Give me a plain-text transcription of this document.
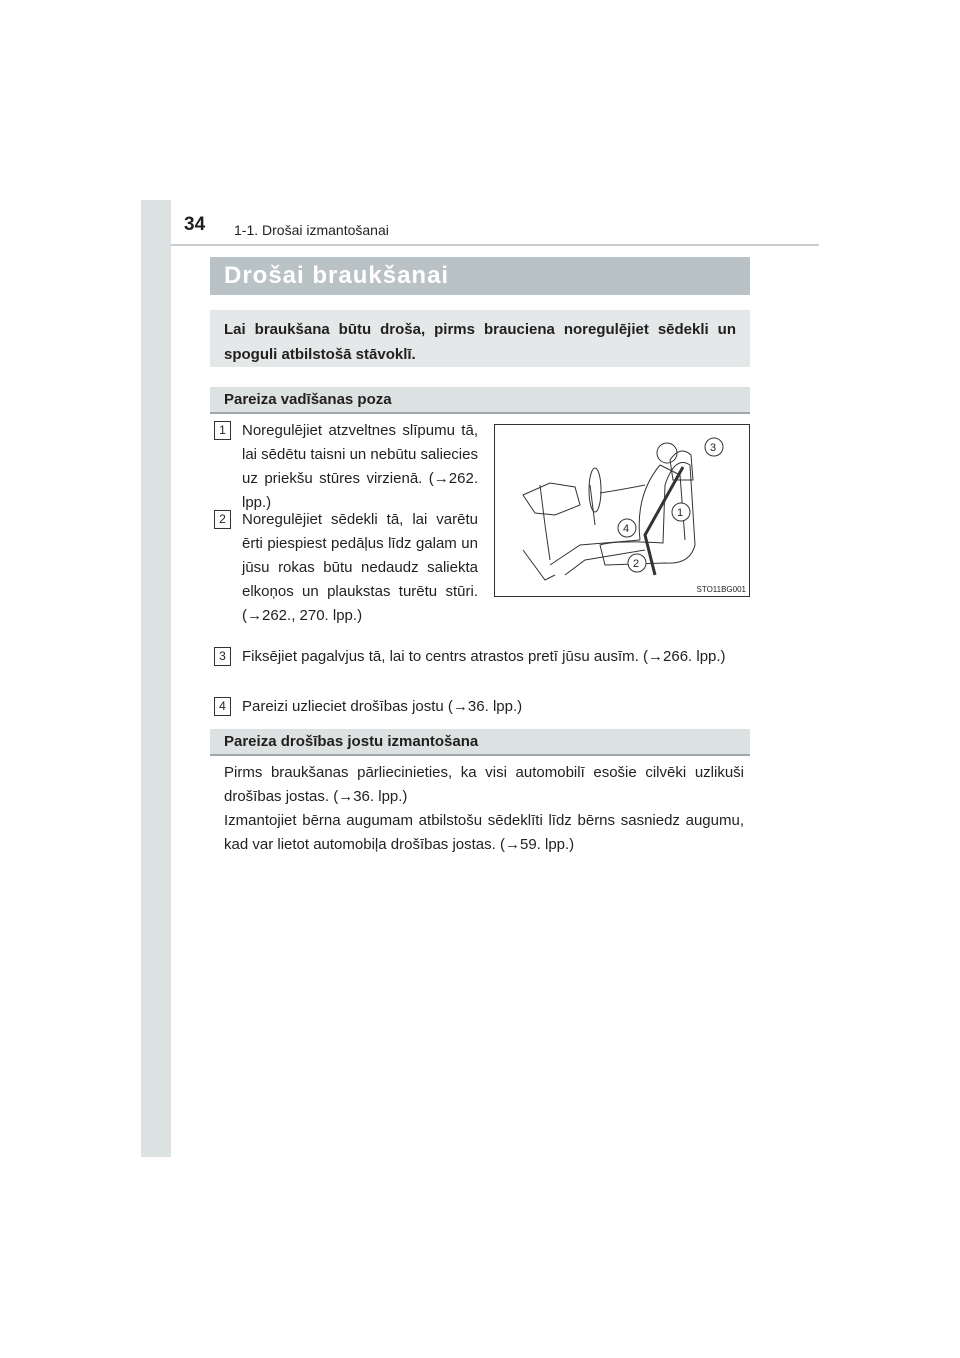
34 1-1. Drošai izmantošanai
Drošai braukšanai
Lai braukšana būtu droša, pirms brauciena noregulējiet sēdekli un spoguli atbilstošā stāvoklī.
Pareiza vadīšanas poza
1	Noregulējiet atzveltnes slīpumu tā, lai sēdētu taisni un nebūtu saliecies uz priekšu stūres virzienā. (→262. lpp.)
2	Noregulējiet sēdekli tā, lai varētu ērti piespiest pedāļus līdz galam un jūsu rokas būtu nedaudz saliekta elkoņos un plaukstas turētu stūri. (→262., 270. lpp.)
3
1
4
2
STO11BG001
3	Fiksējiet pagalvjus tā, lai to centrs atrastos pretī jūsu ausīm. (→266. lpp.)
4	Pareizi uzlieciet drošības jostu (→36. lpp.)
Pareiza drošības jostu izmantošana
Pirms braukšanas pārliecinieties, ka visi automobilī esošie cilvēki uzlikuši drošības jostas. (→36. lpp.)
Izmantojiet bērna augumam atbilstošu sēdeklīti līdz bērns sasniedz augumu, kad var lietot automobiļa drošības jostas. (→59. lpp.)
